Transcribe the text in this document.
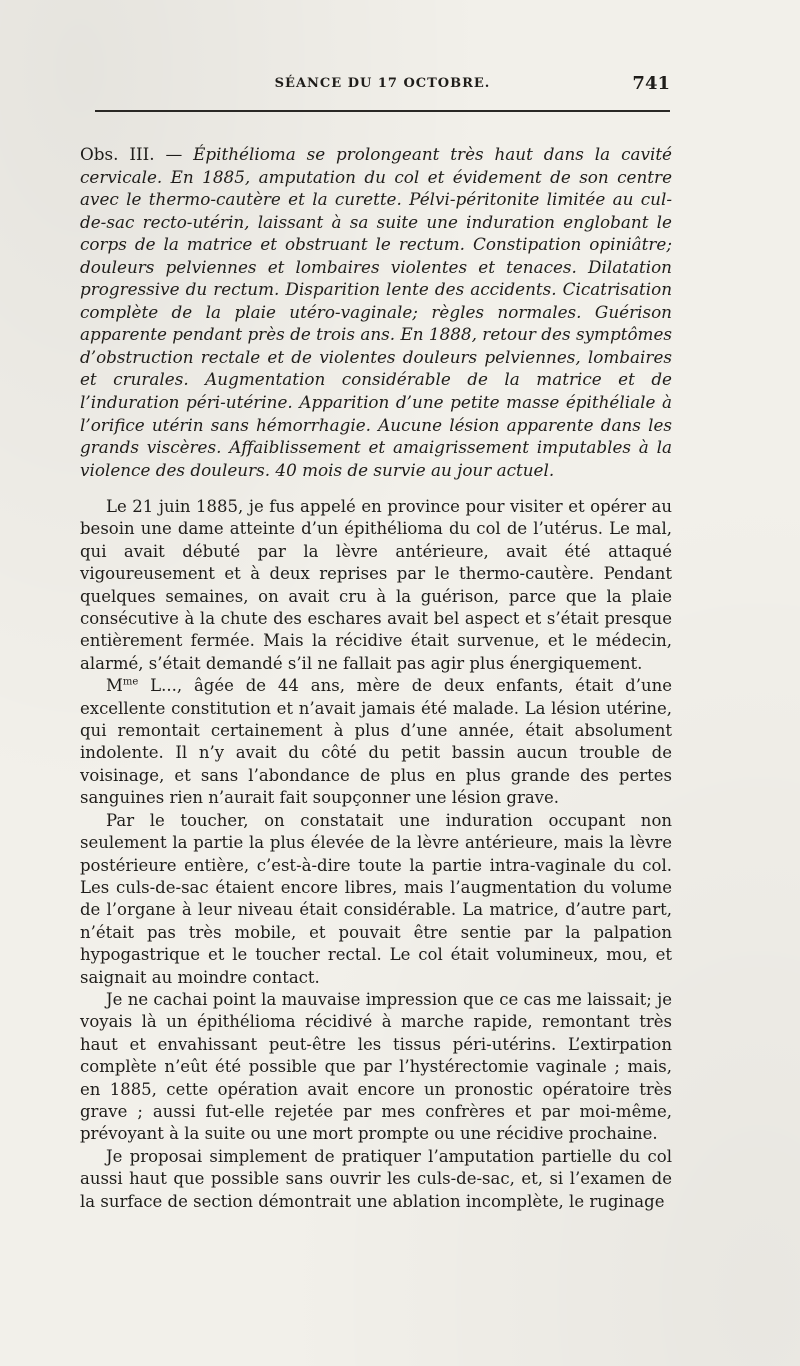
SÉANCE DU 17 OCTOBRE.	741
Obs. III. — Épithélioma se prolongeant très haut dans la cavité cervicale. En 1885, amputation du col et évidement de son centre avec le thermo-cautère et la curette. Pélvi-péritonite limitée au cul-de-sac recto-utérin, laissant à sa suite une induration englobant le corps de la matrice et obstruant le rectum. Constipation opiniâtre; douleurs pelviennes et lombaires violentes et tenaces. Dilatation progressive du rectum. Disparition lente des accidents. Cicatrisation complète de la plaie utéro-vaginale; règles normales. Guérison apparente pendant près de trois ans. En 1888, retour des symptômes d’obstruction rectale et de violentes douleurs pelviennes, lombaires et crurales. Augmentation considérable de la matrice et de l’induration péri-utérine. Apparition d’une petite masse épithéliale à l’orifice utérin sans hémorrhagie. Aucune lésion apparente dans les grands viscères. Affaiblissement et amaigrissement imputables à la violence des douleurs. 40 mois de survie au jour actuel.

Le 21 juin 1885, je fus appelé en province pour visiter et opérer au besoin une dame atteinte d’un épithélioma du col de l’utérus. Le mal, qui avait débuté par la lèvre antérieure, avait été attaqué vigoureusement et à deux reprises par le thermo-cautère. Pendant quelques semaines, on avait cru à la guérison, parce que la plaie consécutive à la chute des eschares avait bel aspect et s’était presque entièrement fermée. Mais la récidive était survenue, et le médecin, alarmé, s’était demandé s’il ne fallait pas agir plus énergiquement.

$M^{me}$ L..., âgée de 44 ans, mère de deux enfants, était d’une excellente constitution et n’avait jamais été malade. La lésion utérine, qui remontait certainement à plus d’une année, était absolument indolente. Il n’y avait du côté du petit bassin aucun trouble de voisinage, et sans l’abondance de plus en plus grande des pertes sanguines rien n’aurait fait soupçonner une lésion grave.

Par le toucher, on constatait une induration occupant non seulement la partie la plus élevée de la lèvre antérieure, mais la lèvre postérieure entière, c’est-à-dire toute la partie intra-vaginale du col. Les culs-de-sac étaient encore libres, mais l’augmentation du volume de l’organe à leur niveau était considérable. La matrice, d’autre part, n’était pas très mobile, et pouvait être sentie par la palpation hypogastrique et le toucher rectal. Le col était volumineux, mou, et saignait au moindre contact.

Je ne cachai point la mauvaise impression que ce cas me laissait; je voyais là un épithélioma récidivé à marche rapide, remontant très haut et envahissant peut-être les tissus péri-utérins. L’extirpation complète n’eût été possible que par l’hystérectomie vaginale ; mais, en 1885, cette opération avait encore un pronostic opératoire très grave ; aussi fut-elle rejetée par mes confrères et par moi-même, prévoyant à la suite ou une mort prompte ou une récidive prochaine.

Je proposai simplement de pratiquer l’amputation partielle du col aussi haut que possible sans ouvrir les culs-de-sac, et, si l’examen de la surface de section démontrait une ablation incomplète, le ruginage
